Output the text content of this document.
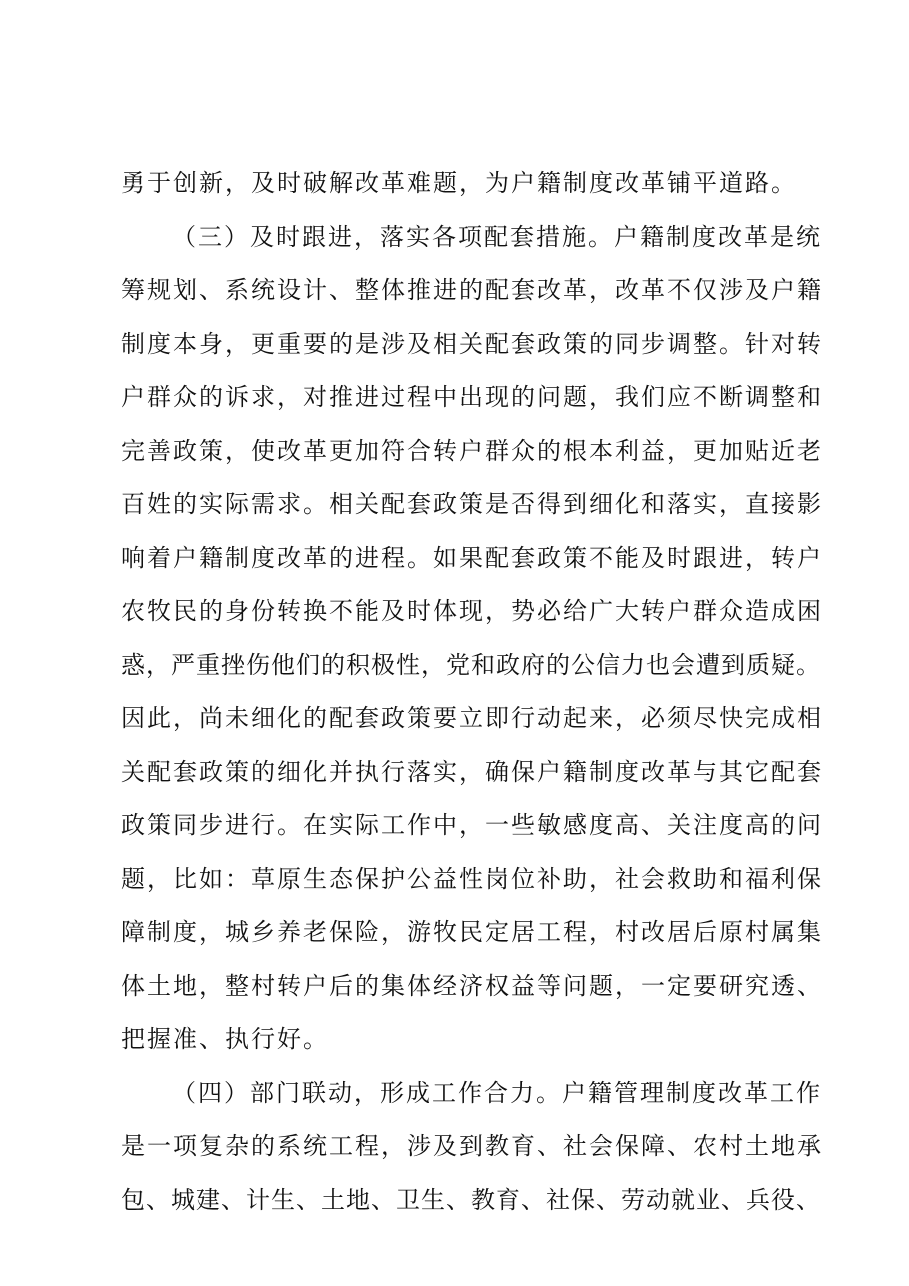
勇于创新，及时破解改革难题，为户籍制度改革铺平道路。
（三）及时跟进，落实各项配套措施。户籍制度改革是统
筹规划、系统设计、整体推进的配套改革，改革不仅涉及户籍
制度本身，更重要的是涉及相关配套政策的同步调整。针对转
户群众的诉求，对推进过程中出现的问题，我们应不断调整和
完善政策，使改革更加符合转户群众的根本利益，更加贴近老
百姓的实际需求。相关配套政策是否得到细化和落实，直接影
响着户籍制度改革的进程。如果配套政策不能及时跟进，转户
农牧民的身份转换不能及时体现，势必给广大转户群众造成困
惑，严重挫伤他们的积极性，党和政府的公信力也会遭到质疑。
因此，尚未细化的配套政策要立即行动起来，必须尽快完成相
关配套政策的细化并执行落实，确保户籍制度改革与其它配套
政策同步进行。在实际工作中，一些敏感度高、关注度高的问
题，比如：草原生态保护公益性岗位补助，社会救助和福利保
障制度，城乡养老保险，游牧民定居工程，村改居后原村属集
体土地，整村转户后的集体经济权益等问题，一定要研究透、
把握准、执行好。
（四）部门联动，形成工作合力。户籍管理制度改革工作
是一项复杂的系统工程，涉及到教育、社会保障、农村土地承
包、城建、计生、土地、卫生、教育、社保、劳动就业、兵役、
